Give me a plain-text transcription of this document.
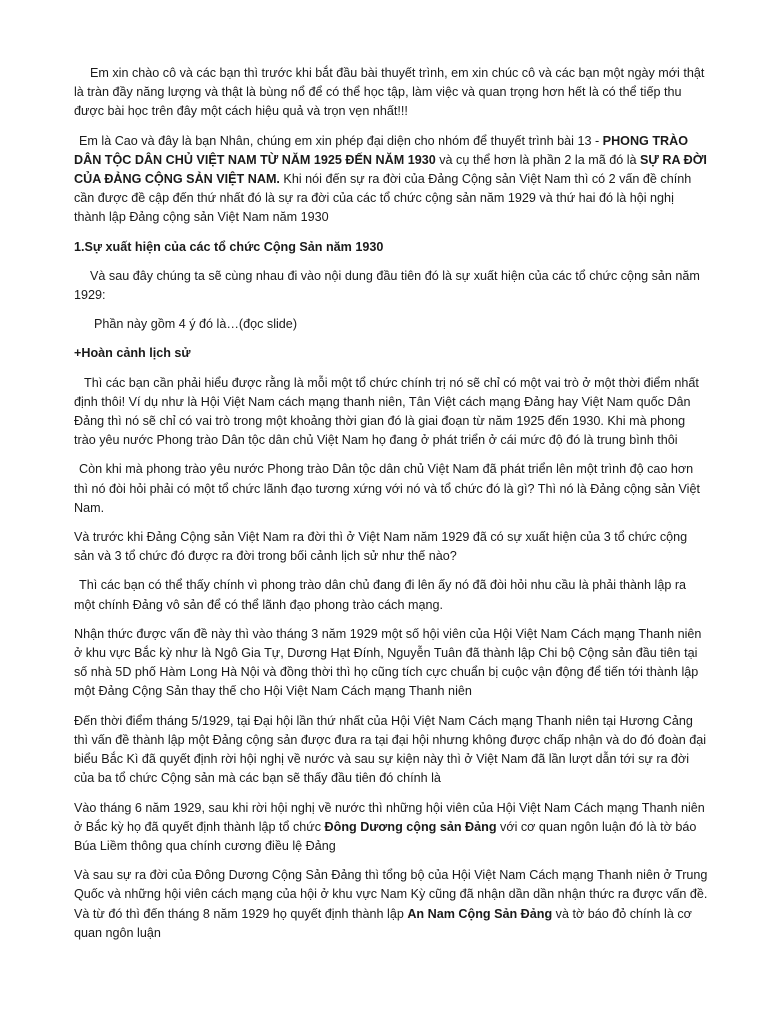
Em xin chào cô và các bạn thì trước khi bắt đầu bài thuyết trình, em xin chúc cô và các bạn một ngày mới thật là tràn đầy năng lượng và thật là bùng nổ để có thể học tập, làm việc và quan trọng hơn hết là có thể tiếp thu được bài học trên đây một cách hiệu quả và trọn vẹn nhất!!!

Em là Cao và đây là bạn Nhân, chúng em xin phép đại diện cho nhóm để thuyết trình bài 13 - PHONG TRÀO DÂN TỘC DÂN CHỦ VIỆT NAM TỪ NĂM 1925 ĐẾN NĂM 1930 và cụ thể hơn là phần 2 la mã đó là SỰ RA ĐỜI CỦA ĐẢNG CỘNG SẢN VIỆT NAM. Khi nói đến sự ra đời của Đảng Cộng sản Việt Nam thì có 2 vấn đề chính cần được đề cập đến thứ nhất đó là sự ra đời của các tổ chức cộng sản năm 1929 và thứ hai đó là hội nghị thành lập Đảng cộng sản Việt Nam năm 1930

1.Sự xuất hiện của các tổ chức Cộng Sản năm 1930

Và sau đây chúng ta sẽ cùng nhau đi vào nội dung đầu tiên đó là sự xuất hiện của các tổ chức cộng sản năm 1929:

Phần này gồm 4 ý đó là…(đọc slide)

+Hoàn cảnh lịch sử

Thì các bạn cần phải hiểu được rằng là mỗi một tổ chức chính trị nó sẽ chỉ có một vai trò ở một thời điểm nhất định thôi! Ví dụ như là Hội Việt Nam cách mạng thanh niên, Tân Việt cách mạng Đảng hay Việt Nam quốc Dân Đảng thì nó sẽ chỉ có vai trò trong một khoảng thời gian đó là giai đoạn từ năm 1925 đến 1930. Khi mà phong trào yêu nước Phong trào Dân tộc dân chủ Việt Nam họ đang ở phát triển ở cái mức độ đó là trung bình thôi

Còn khi mà phong trào yêu nước Phong trào Dân tộc dân chủ Việt Nam đã phát triển lên một trình độ cao hơn thì nó đòi hỏi phải có một tổ chức lãnh đạo tương xứng với nó và tổ chức đó là gì? Thì nó là Đảng cộng sản Việt Nam.

Và trước khi Đảng Cộng sản Việt Nam ra đời thì ở Việt Nam năm 1929 đã có sự xuất hiện của 3 tổ chức cộng sản và 3 tổ chức đó được ra đời trong bối cảnh lịch sử như thế nào?

Thì các bạn có thể thấy chính vì phong trào dân chủ đang đi lên ấy nó đã đòi hỏi nhu cầu là phải thành lập ra một chính Đảng vô sản để có thể lãnh đạo phong trào cách mạng.

Nhận thức được vấn đề này thì vào tháng 3 năm 1929 một số hội viên của Hội Việt Nam Cách mạng Thanh niên ở khu vực Bắc kỳ như là Ngô Gia Tự, Dương Hạt Đính, Nguyễn Tuân đã thành lập Chi bộ Cộng sản đầu tiên tại số nhà 5D phố Hàm Long Hà Nội và đồng thời thì họ cũng tích cực chuẩn bị cuộc vận động để tiến tới thành lập một Đảng Cộng Sản thay thế cho Hội Việt Nam Cách mạng Thanh niên

Đến thời điểm tháng 5/1929, tại Đại hội lần thứ nhất của Hội Việt Nam Cách mạng Thanh niên tại Hương Cảng thì vấn đề thành lập một Đảng cộng sản được đưa ra tại đại hội nhưng không được chấp nhận và do đó đoàn đại biểu Bắc Kì đã quyết định rời hội nghị về nước và sau sự kiện này thì ở Việt Nam đã lần lượt dẫn tới sự ra đời của ba tổ chức Cộng sản mà các bạn sẽ thấy đầu tiên đó chính là

Vào tháng 6 năm 1929, sau khi rời hội nghị về nước thì những hội viên của Hội Việt Nam Cách mạng Thanh niên ở Bắc kỳ họ đã quyết định thành lập tổ chức Đông Dương cộng sản Đảng với cơ quan ngôn luận đó là tờ báo Búa Liềm thông qua chính cương điều lệ Đảng

Và sau sự ra đời của Đông Dương Cộng Sản Đảng thì tổng bộ của Hội Việt Nam Cách mạng Thanh niên ở Trung Quốc và những hội viên cách mạng của hội ở khu vực Nam Kỳ cũng đã nhận dần dần nhận thức ra được vấn đề. Và từ đó thì đến tháng 8 năm 1929 họ quyết định thành lập An Nam Cộng Sản Đảng và tờ báo đỏ chính là cơ quan ngôn luận
